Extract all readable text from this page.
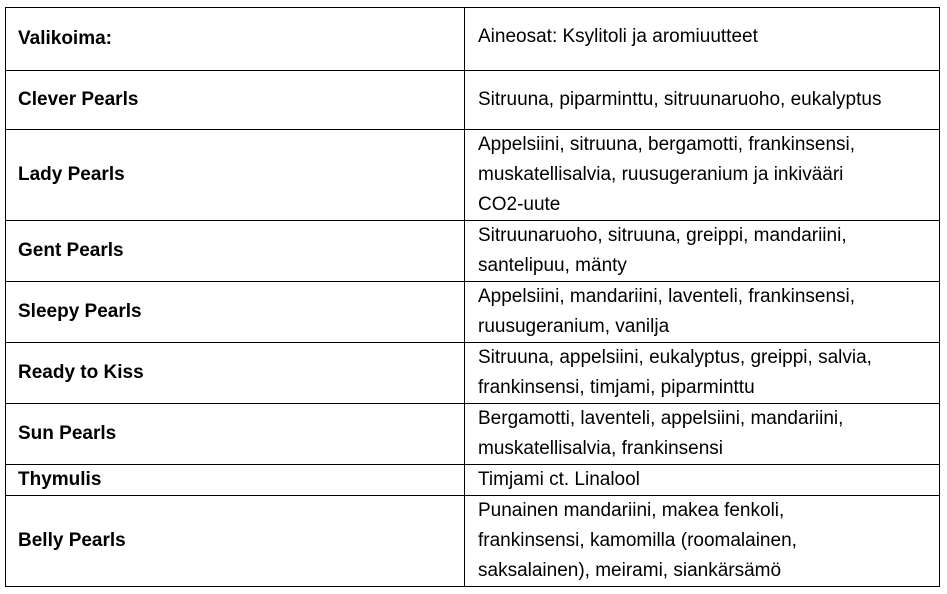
Valikoima:	Aineosat: Ksylitoli ja aromiuutteet

Clever Pearls	Sitruuna, piparminttu, sitruunaruoho, eukalyptus

Lady Pearls	Appelsiini, sitruuna, bergamotti, frankinsensi,
muskatellisalvia, ruusugeranium ja inkivääri
CO2-uute

Gent Pearls	Sitruunaruoho, sitruuna, greippi, mandariini,
santelipuu, mänty

Sleepy Pearls	Appelsiini, mandariini, laventeli, frankinsensi,
ruusugeranium, vanilja

Ready to Kiss	Sitruuna, appelsiini, eukalyptus, greippi, salvia,
frankinsensi, timjami, piparminttu

Sun Pearls	Bergamotti, laventeli, appelsiini, mandariini,
muskatellisalvia, frankinsensi

Thymulis	Timjami ct. Linalool

Belly Pearls	Punainen mandariini, makea fenkoli,
frankinsensi, kamomilla (roomalainen,
saksalainen), meirami, siankärsämö
